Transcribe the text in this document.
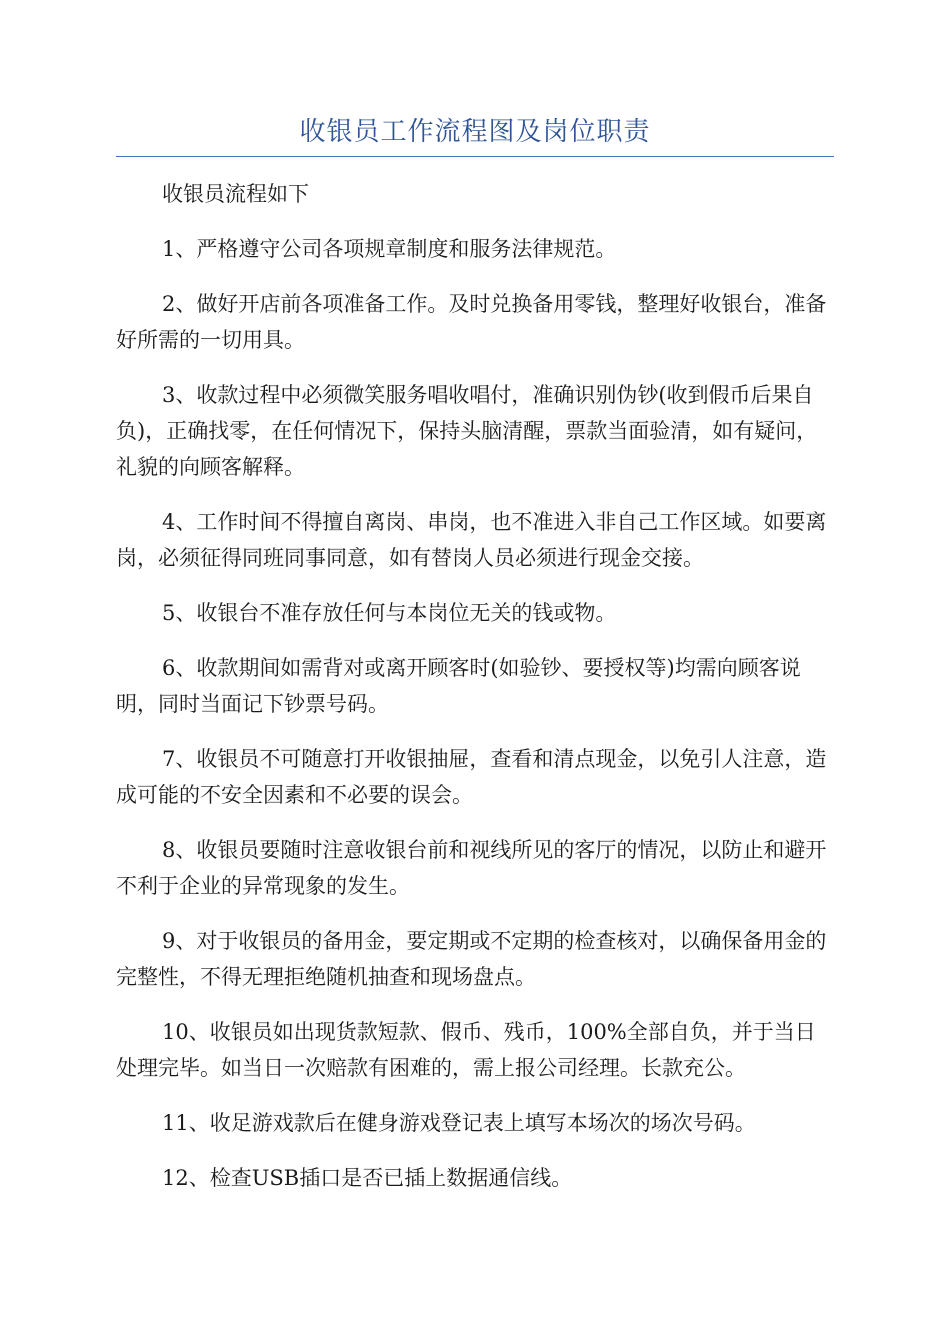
收银员工作流程图及岗位职责

收银员流程如下

1、严格遵守公司各项规章制度和服务法律规范。

2、做好开店前各项准备工作。及时兑换备用零钱，整理好收银台，准备好所需的一切用具。

3、收款过程中必须微笑服务唱收唱付，准确识别伪钞(收到假币后果自负)，正确找零，在任何情况下，保持头脑清醒，票款当面验清，如有疑问，礼貌的向顾客解释。

4、工作时间不得擅自离岗、串岗，也不准进入非自己工作区域。如要离岗，必须征得同班同事同意，如有替岗人员必须进行现金交接。

5、收银台不准存放任何与本岗位无关的钱或物。

6、收款期间如需背对或离开顾客时(如验钞、要授权等)均需向顾客说明，同时当面记下钞票号码。

7、收银员不可随意打开收银抽屉，查看和清点现金，以免引人注意，造成可能的不安全因素和不必要的误会。

8、收银员要随时注意收银台前和视线所见的客厅的情况，以防止和避开不利于企业的异常现象的发生。

9、对于收银员的备用金，要定期或不定期的检查核对，以确保备用金的完整性，不得无理拒绝随机抽查和现场盘点。

10、收银员如出现货款短款、假币、残币，100%全部自负，并于当日处理完毕。如当日一次赔款有困难的，需上报公司经理。长款充公。

11、收足游戏款后在健身游戏登记表上填写本场次的场次号码。

12、检查USB插口是否已插上数据通信线。
